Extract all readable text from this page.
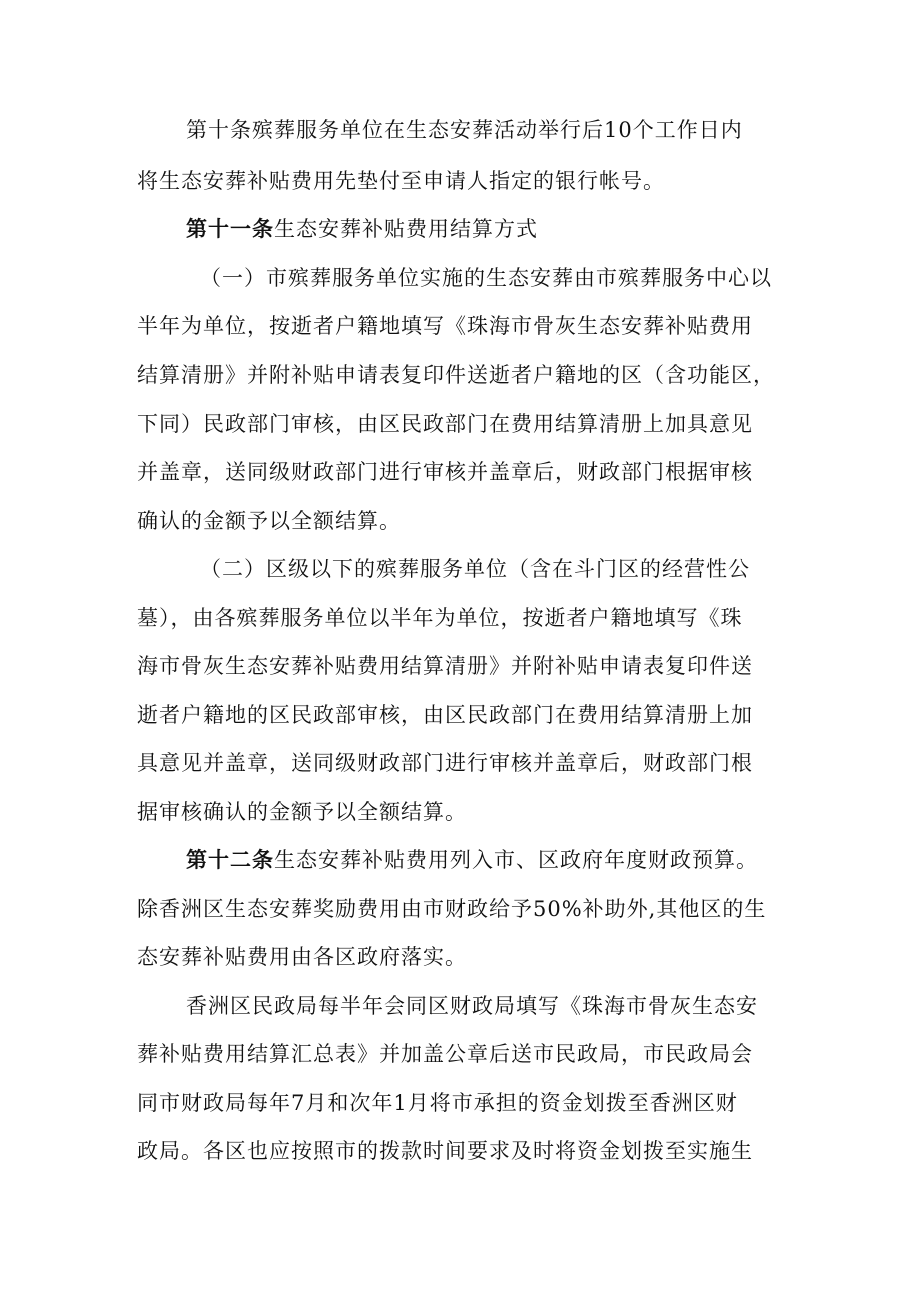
第十条殡葬服务单位在生态安葬活动举行后10个工作日内

将生态安葬补贴费用先垫付至申请人指定的银行帐号。

第十一条生态安葬补贴费用结算方式

（一）市殡葬服务单位实施的生态安葬由市殡葬服务中心以

半年为单位，按逝者户籍地填写《珠海市骨灰生态安葬补贴费用

结算清册》并附补贴申请表复印件送逝者户籍地的区（含功能区，

下同）民政部门审核，由区民政部门在费用结算清册上加具意见

并盖章，送同级财政部门进行审核并盖章后，财政部门根据审核

确认的金额予以全额结算。

（二）区级以下的殡葬服务单位（含在斗门区的经营性公

墓），由各殡葬服务单位以半年为单位，按逝者户籍地填写《珠

海市骨灰生态安葬补贴费用结算清册》并附补贴申请表复印件送

逝者户籍地的区民政部审核，由区民政部门在费用结算清册上加

具意见并盖章，送同级财政部门进行审核并盖章后，财政部门根

据审核确认的金额予以全额结算。

第十二条生态安葬补贴费用列入市、区政府年度财政预算。

除香洲区生态安葬奖励费用由市财政给予50%补助外,其他区的生

态安葬补贴费用由各区政府落实。

香洲区民政局每半年会同区财政局填写《珠海市骨灰生态安

葬补贴费用结算汇总表》并加盖公章后送市民政局，市民政局会

同市财政局每年7月和次年1月将市承担的资金划拨至香洲区财

政局。各区也应按照市的拨款时间要求及时将资金划拨至实施生
